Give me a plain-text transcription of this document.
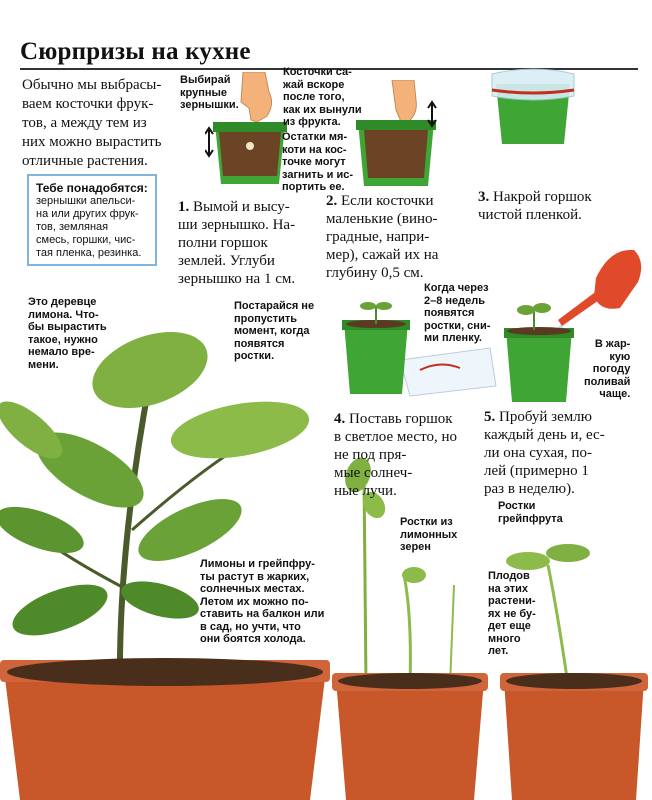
Сюрпризы на кухне
Обычно мы выбрасы-
ваем косточки фрук-
тов, а между тем из
них можно вырастить
отличные растения.
Тебе понадобятся:
зернышки апельси-
на или других фрук-
тов, земляная
смесь, горшки, чис-
тая пленка, резинка.
Выбирай
крупные
зернышки.
Косточки са-
жай вскоре
после того,
как их вынули
из фрукта.
Остатки мя-
коти на кос-
точке могут
загнить и ис-
портить ее.
Это деревце
лимона. Что-
бы вырастить
такое, нужно
немало вре-
мени.
Постарайся не
пропустить
момент, когда
появятся
ростки.
Когда через
2–8 недель
появятся
ростки, сни-
ми пленку.	В жар-
кую
погоду
поливай
чаще.
Лимоны и грейпфру-
ты растут в жарких,
солнечных местах.
Летом их можно по-
ставить на балкон или
в сад, но учти, что
они боятся холода.
Ростки из
лимонных
зерен
Ростки
грейпфрута
Плодов
на этих
растени-
ях не бу-
дет еще
много
лет.
1. Вымой и высу-
ши зернышко. На-
полни горшок
землей. Углуби
зернышко на 1 см.
2. Если косточки
маленькие (вино-
градные, напри-
мер), сажай их на
глубину 0,5 см.
3. Накрой горшок
чистой пленкой.
4. Поставь горшок
в светлое место, но
не под пря-
мые солнеч-
ные лучи.
5. Пробуй землю
каждый день и, ес-
ли она сухая, по-
лей (примерно 1
раз в неделю).
